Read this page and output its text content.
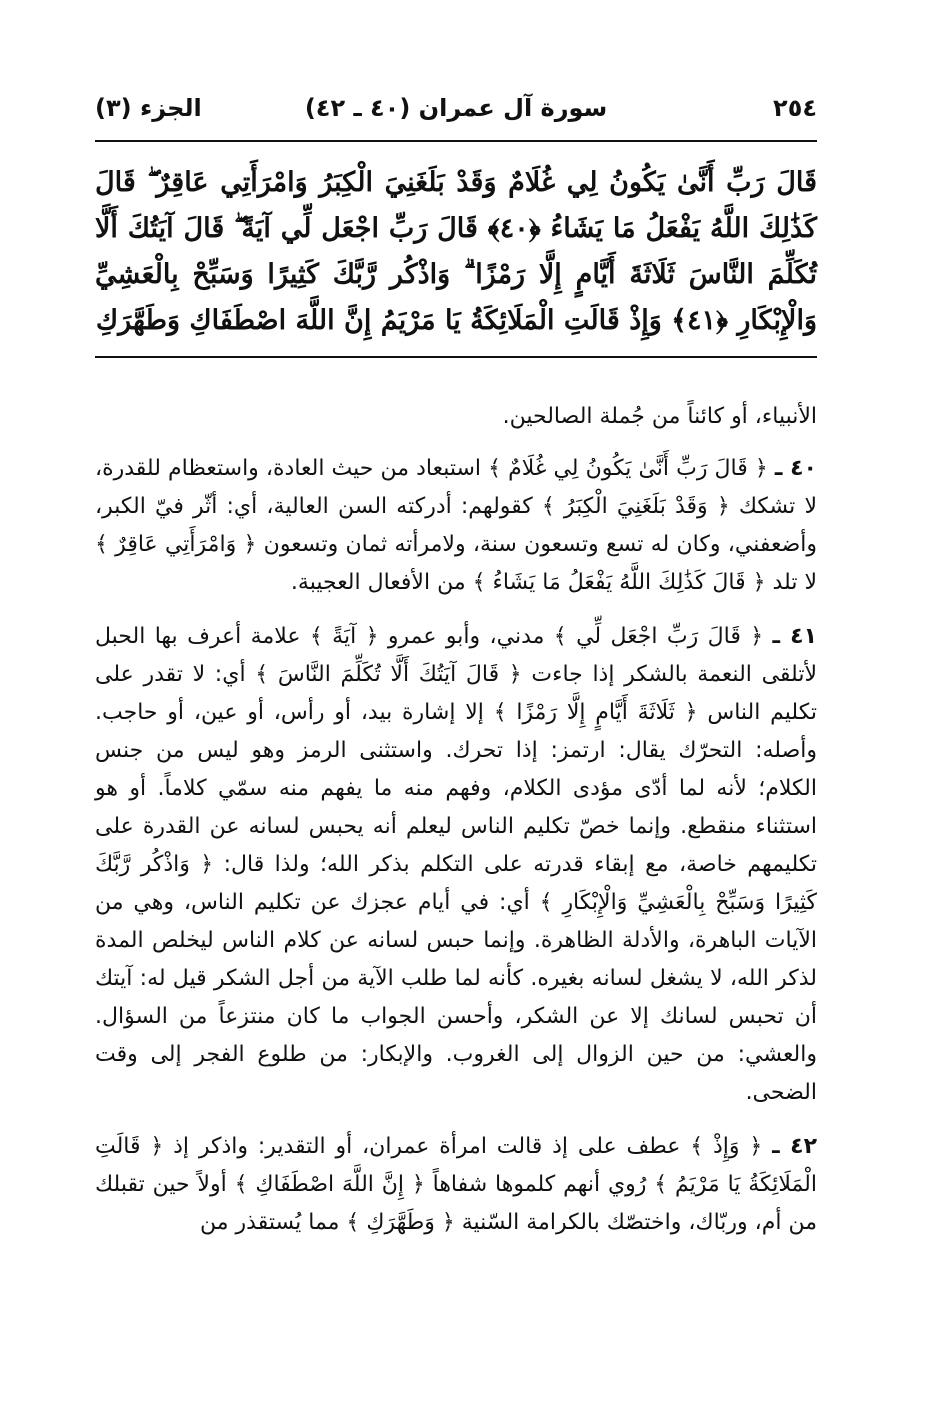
٢٥٤
سورة آل عمران (٤٠ ـ ٤٢)
الجزء (٣)
قَالَ رَبِّ أَنَّىٰ يَكُونُ لِي غُلَامٌ وَقَدْ بَلَغَنِيَ الْكِبَرُ وَامْرَأَتِي عَاقِرٌ ۖ قَالَ كَذَٰلِكَ اللَّهُ يَفْعَلُ مَا يَشَاءُ ﴿٤٠﴾ قَالَ رَبِّ اجْعَل لِّي آيَةً ۖ قَالَ آيَتُكَ أَلَّا تُكَلِّمَ النَّاسَ ثَلَاثَةَ أَيَّامٍ إِلَّا رَمْزًا ۗ وَاذْكُر رَّبَّكَ كَثِيرًا وَسَبِّحْ بِالْعَشِيِّ وَالْإِبْكَارِ ﴿٤١﴾ وَإِذْ قَالَتِ الْمَلَائِكَةُ يَا مَرْيَمُ إِنَّ اللَّهَ اصْطَفَاكِ وَطَهَّرَكِ

الأنبياء، أو كائناً من جُملة الصالحين.

٤٠ ـ ﴿ قَالَ رَبِّ أَنَّىٰ يَكُونُ لِي غُلَامٌ ﴾ استبعاد من حيث العادة، واستعظام للقدرة، لا تشكك ﴿ وَقَدْ بَلَغَنِيَ الْكِبَرُ ﴾ كقولهم: أدركته السن العالية، أي: أثّر فيّ الكبر، وأضعفني، وكان له تسع وتسعون سنة، ولامرأته ثمان وتسعون ﴿ وَامْرَأَتِي عَاقِرٌ ﴾ لا تلد ﴿ قَالَ كَذَٰلِكَ اللَّهُ يَفْعَلُ مَا يَشَاءُ ﴾ من الأفعال العجيبة.

٤١ ـ ﴿ قَالَ رَبِّ اجْعَل لِّي ﴾ مدني، وأبو عمرو ﴿ آيَةً ﴾ علامة أعرف بها الحبل لأتلقى النعمة بالشكر إذا جاءت ﴿ قَالَ آيَتُكَ أَلَّا تُكَلِّمَ النَّاسَ ﴾ أي: لا تقدر على تكليم الناس ﴿ ثَلَاثَةَ أَيَّامٍ إِلَّا رَمْزًا ﴾ إلا إشارة بيد، أو رأس، أو عين، أو حاجب. وأصله: التحرّك يقال: ارتمز: إذا تحرك. واستثنى الرمز وهو ليس من جنس الكلام؛ لأنه لما أدّى مؤدى الكلام، وفهم منه ما يفهم منه سمّي كلاماً. أو هو استثناء منقطع. وإنما خصّ تكليم الناس ليعلم أنه يحبس لسانه عن القدرة على تكليمهم خاصة، مع إبقاء قدرته على التكلم بذكر الله؛ ولذا قال: ﴿ وَاذْكُر رَّبَّكَ كَثِيرًا وَسَبِّحْ بِالْعَشِيِّ وَالْإِبْكَارِ ﴾ أي: في أيام عجزك عن تكليم الناس، وهي من الآيات الباهرة، والأدلة الظاهرة. وإنما حبس لسانه عن كلام الناس ليخلص المدة لذكر الله، لا يشغل لسانه بغيره. كأنه لما طلب الآية من أجل الشكر قيل له: آيتك أن تحبس لسانك إلا عن الشكر، وأحسن الجواب ما كان منتزعاً من السؤال. والعشي: من حين الزوال إلى الغروب. والإبكار: من طلوع الفجر إلى وقت الضحى.

٤٢ ـ ﴿ وَإِذْ ﴾ عطف على إذ قالت امرأة عمران، أو التقدير: واذكر إذ ﴿ قَالَتِ الْمَلَائِكَةُ يَا مَرْيَمُ ﴾ رُوي أنهم كلموها شفاهاً ﴿ إِنَّ اللَّهَ اصْطَفَاكِ ﴾ أولاً حين تقبلك من أم، وربّاك، واختصّك بالكرامة السّنية ﴿ وَطَهَّرَكِ ﴾ مما يُستقذر من
